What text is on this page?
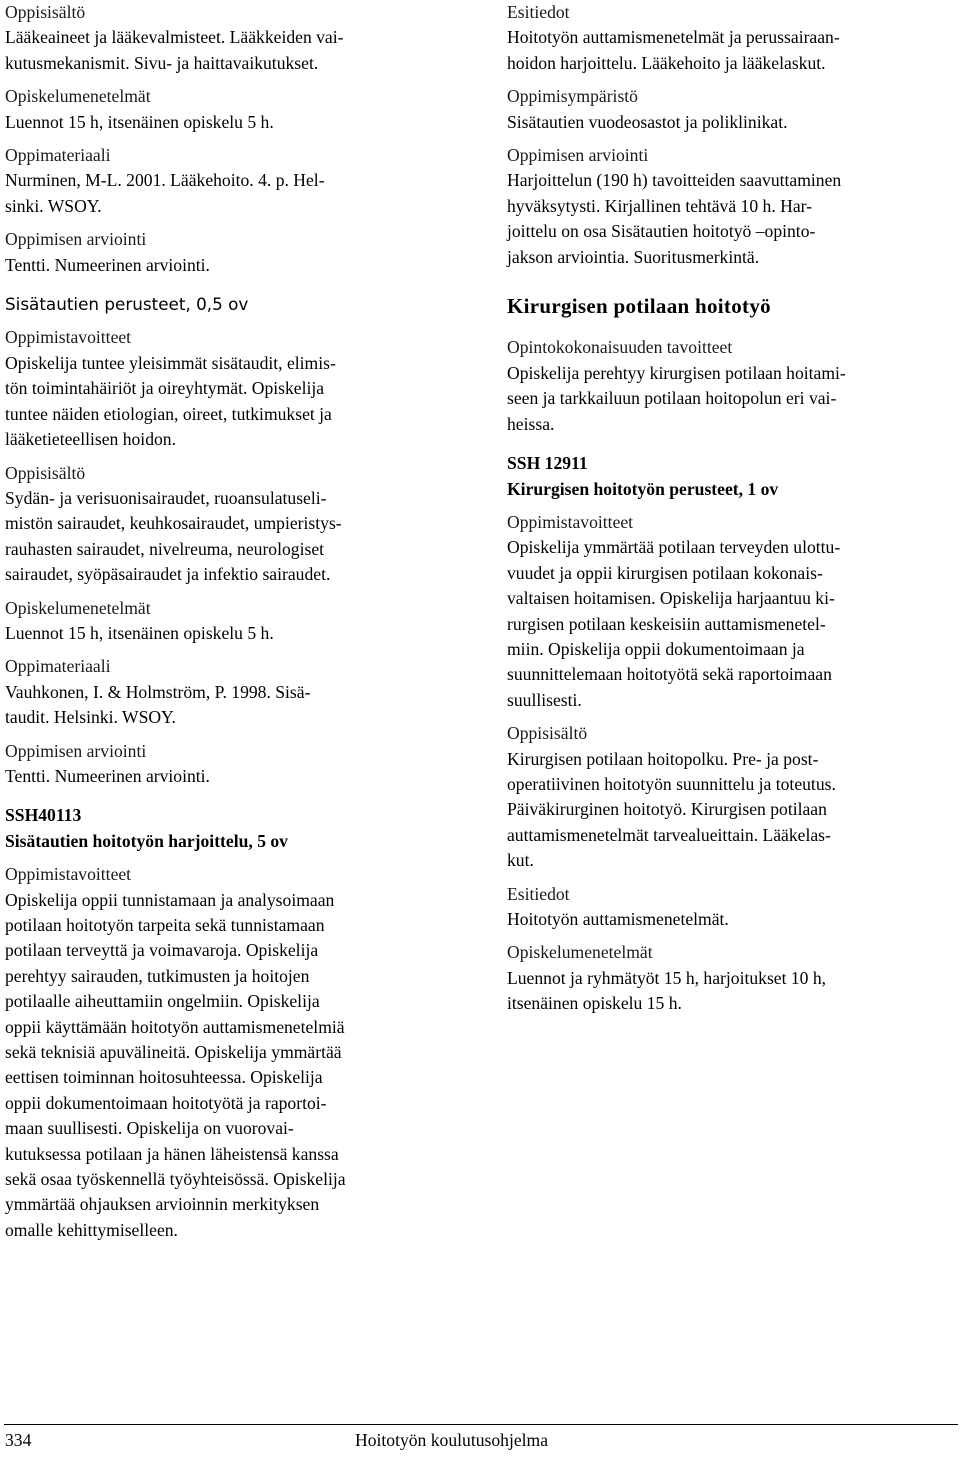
Oppisisältö

Lääkeaineet ja lääkevalmisteet. Lääkkeiden vai-

kutusmekanismit. Sivu- ja haittavaikutukset.

Opiskelumenetelmät

Luennot 15 h, itsenäinen opiskelu 5 h.

Oppimateriaali

Nurminen, M-L. 2001. Lääkehoito. 4. p. Hel-

sinki. WSOY.

Oppimisen arviointi

Tentti. Numeerinen arviointi.

Sisätautien perusteet, 0,5 ov

Oppimistavoitteet

Opiskelija tuntee yleisimmät sisätaudit, elimis-

tön toimintahäiriöt ja oireyhtymät. Opiskelija

tuntee näiden etiologian, oireet, tutkimukset ja

lääketieteellisen hoidon.

Oppisisältö

Sydän- ja verisuonisairaudet, ruoansulatuseli-

mistön sairaudet, keuhkosairaudet, umpieristys-

rauhasten sairaudet, nivelreuma, neurologiset

sairaudet, syöpäsairaudet ja infektio sairaudet.

Opiskelumenetelmät

Luennot 15 h, itsenäinen opiskelu 5 h.

Oppimateriaali

Vauhkonen, I. & Holmström, P. 1998. Sisä-

taudit. Helsinki. WSOY.

Oppimisen arviointi

Tentti. Numeerinen arviointi.

SSH40113

Sisätautien hoitotyön harjoittelu, 5 ov

Oppimistavoitteet

Opiskelija oppii tunnistamaan ja analysoimaan

potilaan hoitotyön tarpeita sekä tunnistamaan

potilaan terveyttä ja voimavaroja. Opiskelija

perehtyy sairauden, tutkimusten ja hoitojen

potilaalle aiheuttamiin ongelmiin. Opiskelija

oppii käyttämään hoitotyön auttamismenetelmiä

sekä teknisiä apuvälineitä. Opiskelija ymmärtää

eettisen toiminnan hoitosuhteessa. Opiskelija

oppii dokumentoimaan hoitotyötä ja raportoi-

maan suullisesti. Opiskelija on vuorovai-

kutuksessa potilaan ja hänen läheistensä kanssa

sekä osaa työskennellä työyhteisössä. Opiskelija

ymmärtää ohjauksen arvioinnin merkityksen

omalle kehittymiselleen.

Esitiedot

Hoitotyön auttamismenetelmät ja perussairaan-

hoidon harjoittelu. Lääkehoito ja lääkelaskut.

Oppimisympäristö

Sisätautien vuodeosastot ja poliklinikat.

Oppimisen arviointi

Harjoittelun (190 h) tavoitteiden saavuttaminen

hyväksytysti. Kirjallinen tehtävä 10 h. Har-

joittelu on osa Sisätautien hoitotyö –opinto-

jakson arviointia. Suoritusmerkintä.

Kirurgisen potilaan hoitotyö

Opintokokonaisuuden tavoitteet

Opiskelija perehtyy kirurgisen potilaan hoitami-

seen ja tarkkailuun potilaan hoitopolun eri vai-

heissa.

SSH 12911

Kirurgisen hoitotyön perusteet, 1 ov

Oppimistavoitteet

Opiskelija ymmärtää potilaan terveyden ulottu-

vuudet ja oppii kirurgisen potilaan kokonais-

valtaisen hoitamisen. Opiskelija harjaantuu ki-

rurgisen potilaan keskeisiin auttamismenetel-

miin. Opiskelija oppii dokumentoimaan ja

suunnittelemaan hoitotyötä sekä raportoimaan

suullisesti.

Oppisisältö

Kirurgisen potilaan hoitopolku. Pre- ja post-

operatiivinen hoitotyön suunnittelu ja toteutus.

Päiväkirurginen hoitotyö. Kirurgisen potilaan

auttamismenetelmät tarvealueittain. Lääkelas-

kut.

Esitiedot

Hoitotyön auttamismenetelmät.

Opiskelumenetelmät

Luennot ja ryhmätyöt 15 h, harjoitukset 10 h,

itsenäinen opiskelu 15 h.

334	Hoitotyön koulutusohjelma
